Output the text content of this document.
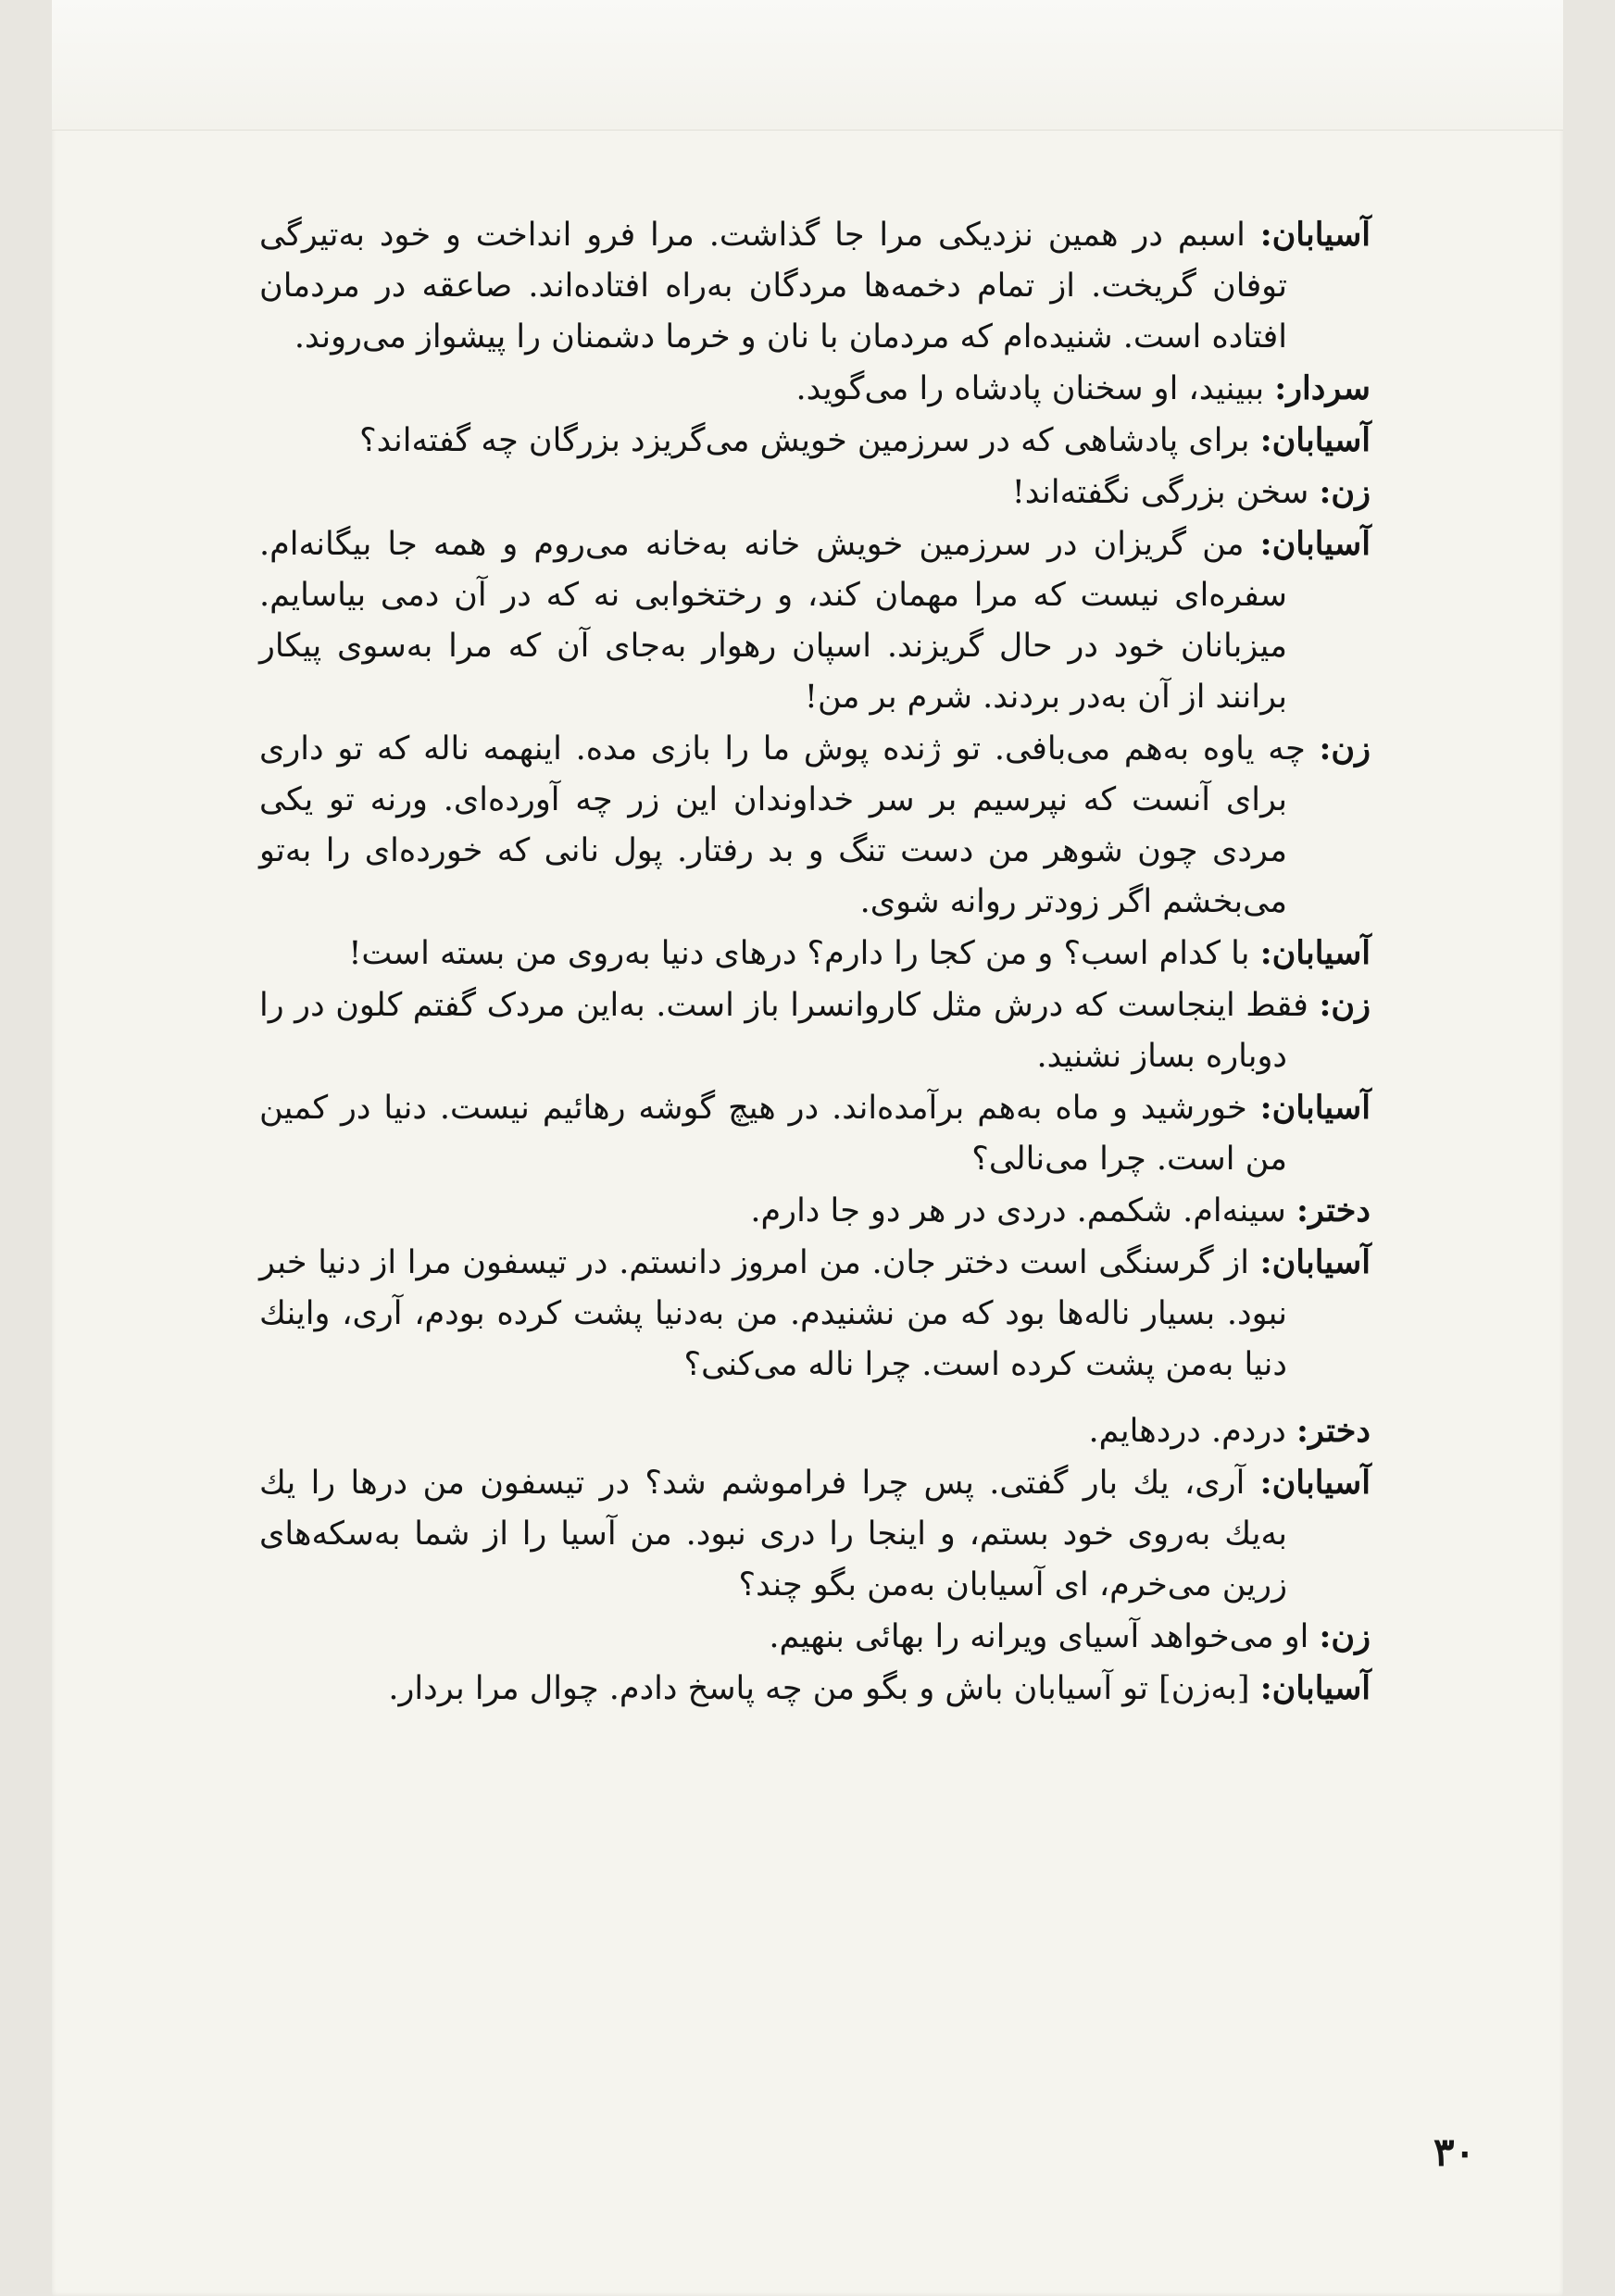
آسیابان: اسبم در همین نزدیکی مرا جا گذاشت. مرا فرو انداخت و خود به‌تیرگی توفان گریخت. از تمام دخمه‌ها مردگان به‌راه افتاده‌اند. صاعقه در مردمان افتاده است. شنیده‌ام که مردمان با نان و خرما دشمنان را پیشواز می‌روند.

سردار: ببینید، او سخنان پادشاه را می‌گوید.

آسیابان: برای پادشاهی که در سرزمین خویش می‌گریزد بزرگان چه گفته‌اند؟

زن: سخن بزرگی نگفته‌اند!

آسیابان: من گریزان در سرزمین خویش خانه به‌خانه می‌روم و همه جا بیگانه‌ام. سفره‌ای نیست که مرا مهمان کند، و رختخوابی نه که در آن دمی بیاسایم. میزبانان خود در حال گریزند. اسپان رهوار به‌جای آن که مرا به‌سوی پیکار برانند از آن به‌در بردند. شرم بر من!

زن: چه یاوه به‌هم می‌بافی. تو ژنده پوش ما را بازی مده. اینهمه ناله که تو داری برای آنست که نپرسیم بر سر خداوندان این زر چه آورده‌ای. ورنه تو یکی مردی چون شوهر من دست تنگ و بد رفتار. پول نانی که خورده‌ای را به‌تو می‌بخشم اگر زودتر روانه شوی.

آسیابان: با کدام اسب؟ و من کجا را دارم؟ درهای دنیا به‌روی من بسته است!

زن: فقط اینجاست که درش مثل کاروانسرا باز است. به‌این مردک گفتم کلون در را دوباره بساز نشنید.

آسیابان: خورشید و ماه به‌هم برآمده‌اند. در هیچ گوشه رهائیم نیست. دنیا در کمین من است. چرا می‌نالی؟

دختر: سینه‌ام. شکمم. دردی در هر دو جا دارم.

آسیابان: از گرسنگی است دختر جان. من امروز دانستم. در تیسفون مرا از دنیا خبر نبود. بسیار ناله‌ها بود که من نشنیدم. من به‌دنیا پشت کرده بودم، آری، واینك دنیا به‌من پشت کرده است. چرا ناله می‌کنی؟

دختر: دردم. دردهایم.

آسیابان: آری، یك بار گفتی. پس چرا فراموشم شد؟ در تیسفون من درها را یك به‌یك به‌روی خود بستم، و اینجا را دری نبود. من آسیا را از شما به‌سکه‌های زرین می‌خرم، ای آسیابان به‌من بگو چند؟

زن: او می‌خواهد آسیای ویرانه را بهائی بنهیم.

آسیابان: [به‌زن] تو آسیابان باش و بگو من چه پاسخ دادم. چوال مرا بردار.

۳۰
